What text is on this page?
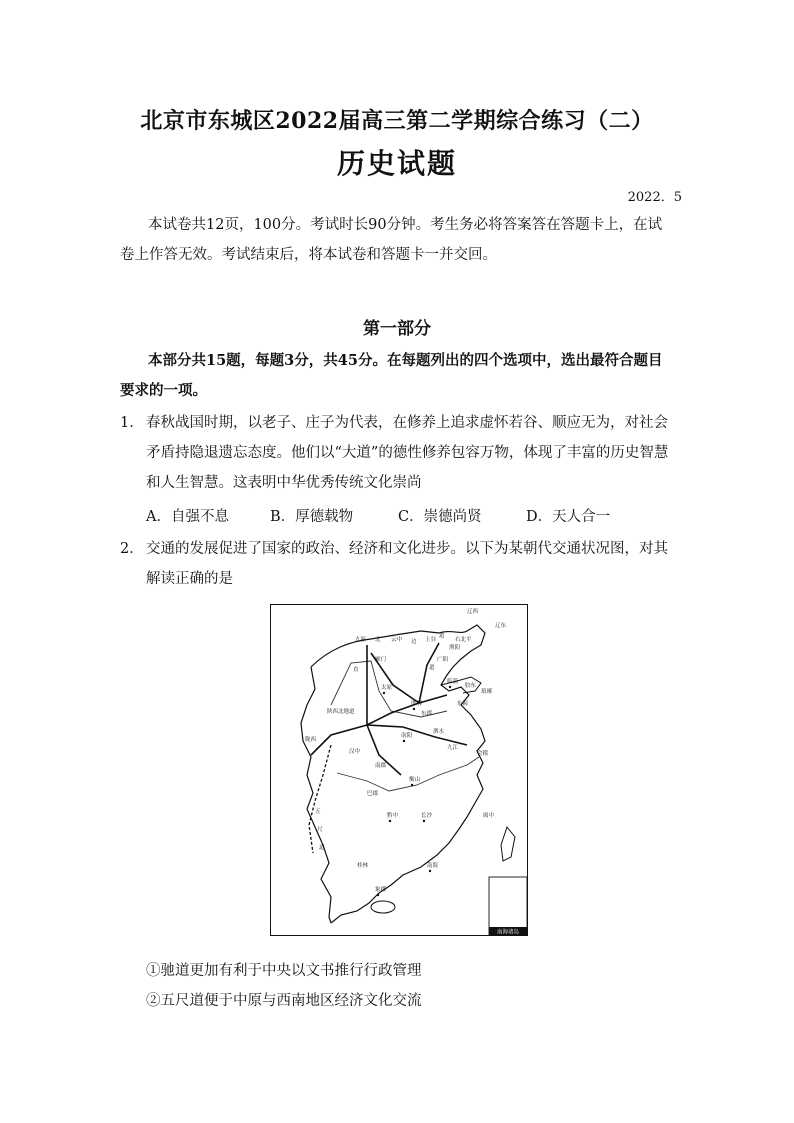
北京市东城区2022届高三第二学期综合练习（二）
历史试题
2022．5
本试卷共12页，100分。考试时长90分钟。考生务必将答案答在答题卡上，在试卷上作答无效。考试结束后，将本试卷和答题卡一并交回。
第一部分
本部分共15题，每题3分，共45分。在每题列出的四个选项中，选出最符合题目要求的一项。
1． 春秋战国时期，以老子、庄子为代表，在修养上追求虚怀若谷、顺应无为，对社会矛盾持隐退遗忘态度。他们以“大道”的德性修养包容万物，体现了丰富的历史智慧和人生智慧。这表明中华优秀传统文化崇尚
A．自强不息	B．厚德载物	C．崇德尚贤	D．天人合一
2． 交通的发展促进了国家的政治、经济和文化进步。以下为某朝代交通状况图，对其解读正确的是
辽西
辽东
九原 北 云中 边 上谷
道
右北平
渔阳
雁门	广阳
直
太原
道
邯郸
临淄
胶东
琅琊
东郡
东海
陕西北地道
泗水
陇西
汉中
南阳
九江
会稽
巴郡
衡山
黔中	长沙
南郡
闽中
桂林	南海
象郡
五
尺
道
南海诸岛
①驰道更加有利于中央以文书推行行政管理
②五尺道便于中原与西南地区经济文化交流
